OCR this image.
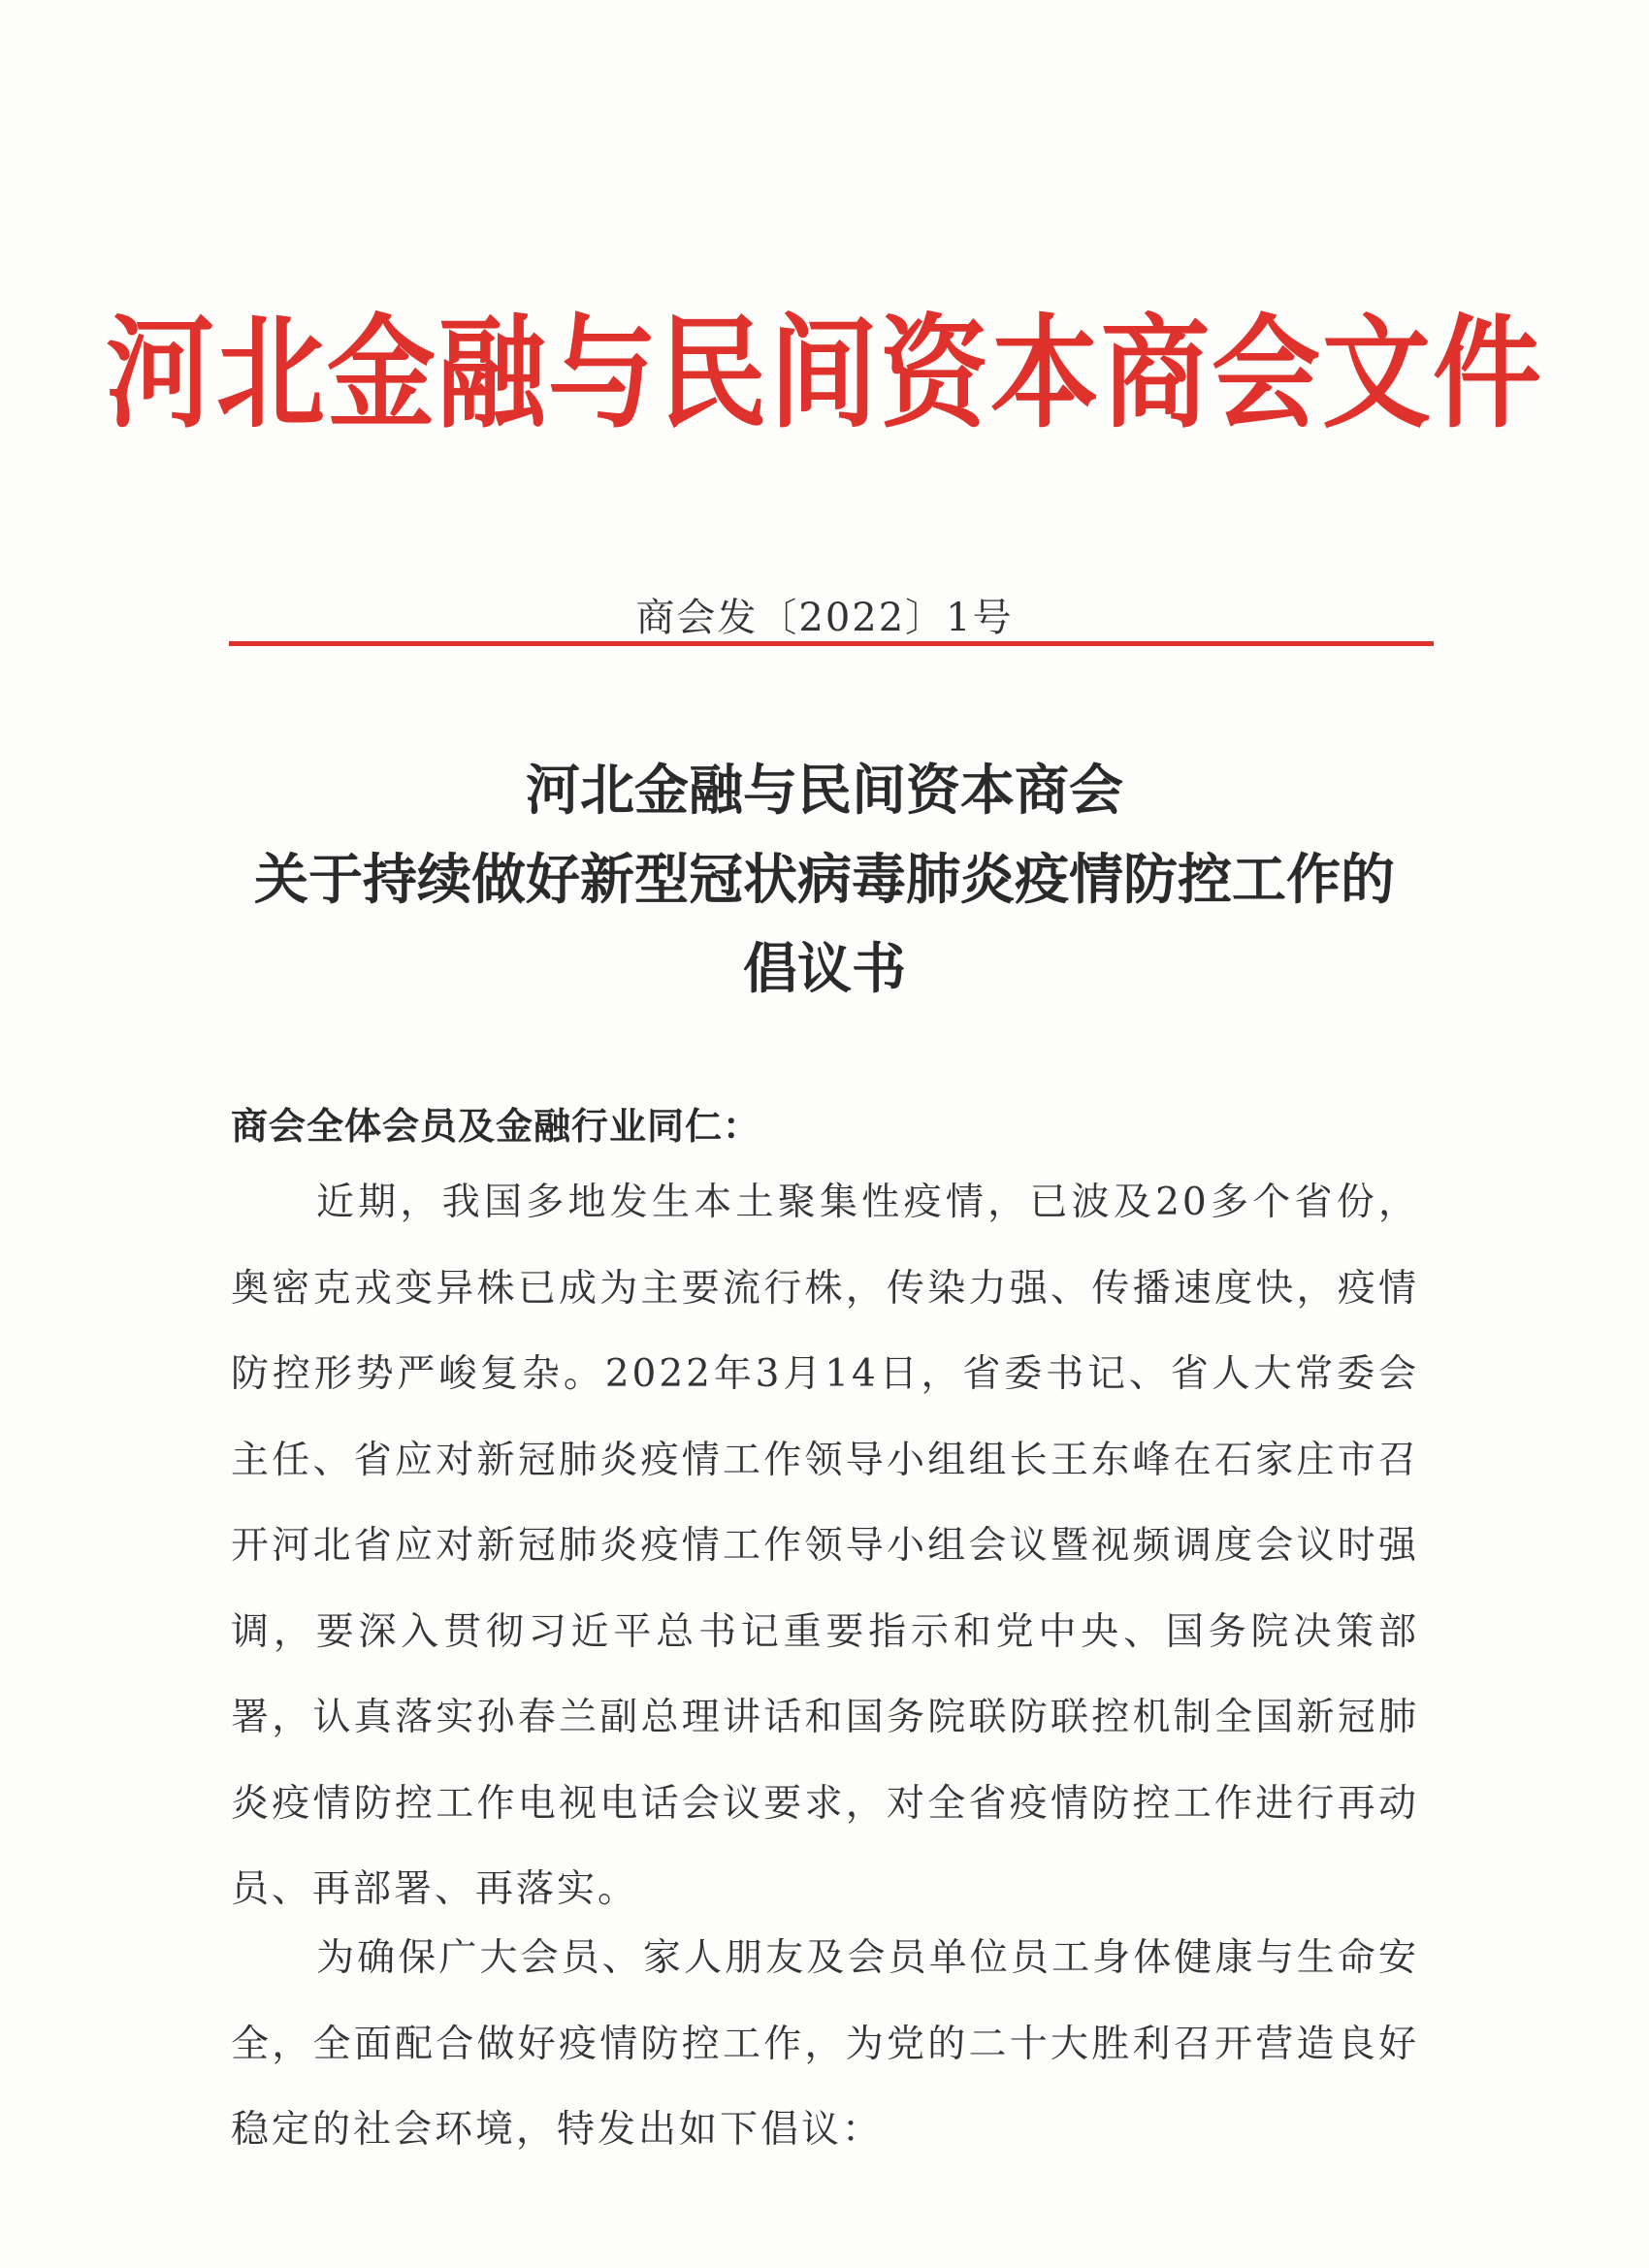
河北金融与民间资本商会文件
商会发〔2022〕1号
河北金融与民间资本商会
关于持续做好新型冠状病毒肺炎疫情防控工作的
倡议书
商会全体会员及金融行业同仁：
近期，我国多地发生本土聚集性疫情，已波及20多个省份，奥密克戎变异株已成为主要流行株，传染力强、传播速度快，疫情防控形势严峻复杂。2022年3月14日，省委书记、省人大常委会主任、省应对新冠肺炎疫情工作领导小组组长王东峰在石家庄市召开河北省应对新冠肺炎疫情工作领导小组会议暨视频调度会议时强调，要深入贯彻习近平总书记重要指示和党中央、国务院决策部署，认真落实孙春兰副总理讲话和国务院联防联控机制全国新冠肺炎疫情防控工作电视电话会议要求，对全省疫情防控工作进行再动员、再部署、再落实。
为确保广大会员、家人朋友及会员单位员工身体健康与生命安全，全面配合做好疫情防控工作，为党的二十大胜利召开营造良好稳定的社会环境，特发出如下倡议：
